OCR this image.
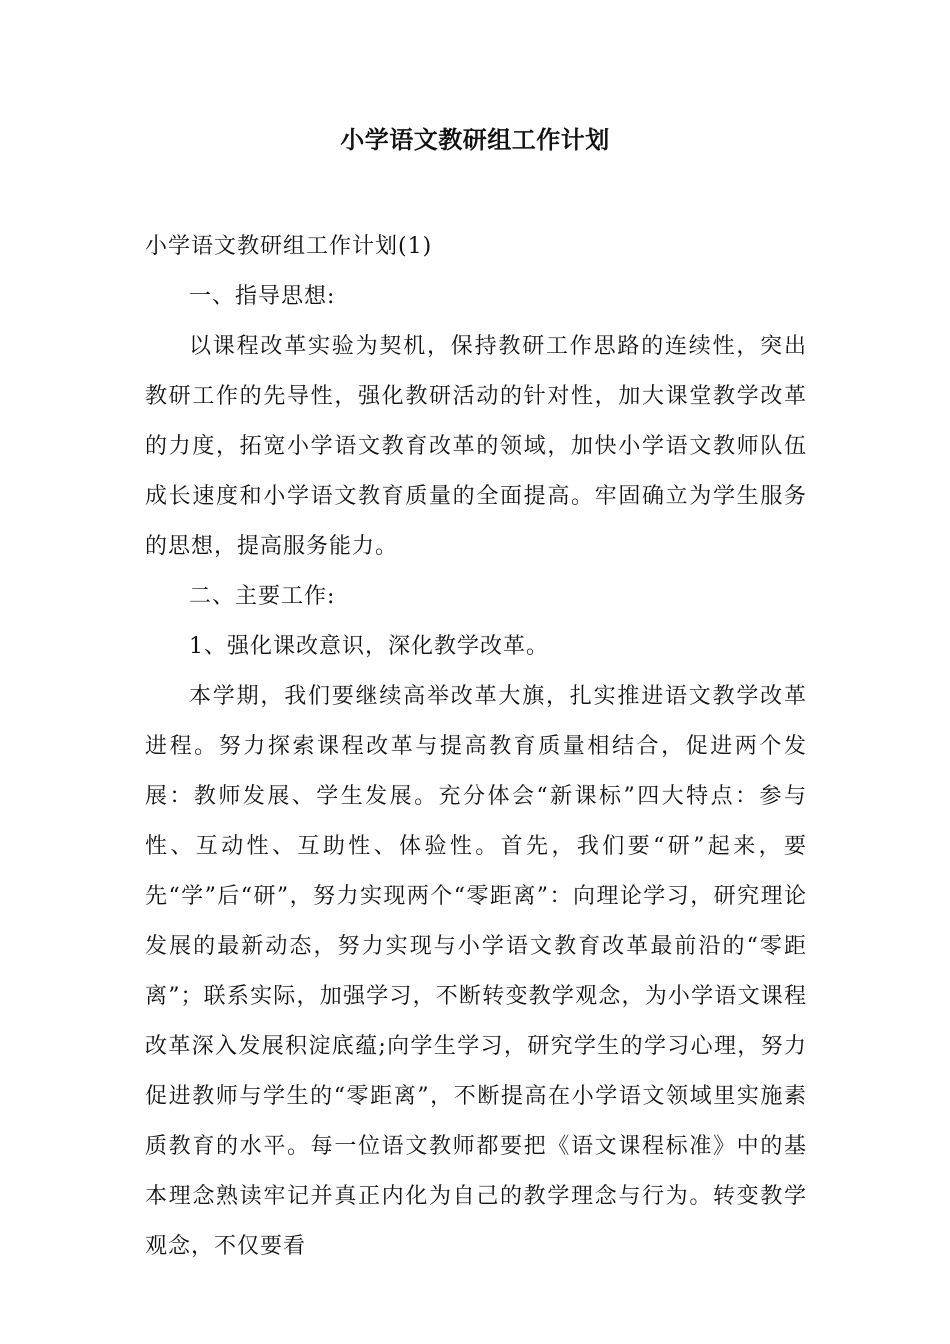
小学语文教研组工作计划

小学语文教研组工作计划(1)

一、指导思想:

以课程改革实验为契机，保持教研工作思路的连续性，突出教研工作的先导性，强化教研活动的针对性，加大课堂教学改革的力度，拓宽小学语文教育改革的领域，加快小学语文教师队伍成长速度和小学语文教育质量的全面提高。牢固确立为学生服务的思想，提高服务能力。

二、主要工作:

1、强化课改意识，深化教学改革。

本学期，我们要继续高举改革大旗，扎实推进语文教学改革进程。努力探索课程改革与提高教育质量相结合，促进两个发展：教师发展、学生发展。充分体会“新课标”四大特点：参与性、互动性、互助性、体验性。首先，我们要“研”起来，要先“学”后“研”，努力实现两个“零距离”：向理论学习，研究理论发展的最新动态，努力实现与小学语文教育改革最前沿的“零距离”；联系实际，加强学习，不断转变教学观念，为小学语文课程改革深入发展积淀底蕴;向学生学习，研究学生的学习心理，努力促进教师与学生的“零距离”，不断提高在小学语文领域里实施素质教育的水平。每一位语文教师都要把《语文课程标准》中的基本理念熟读牢记并真正内化为自己的教学理念与行为。转变教学观念，不仅要看
